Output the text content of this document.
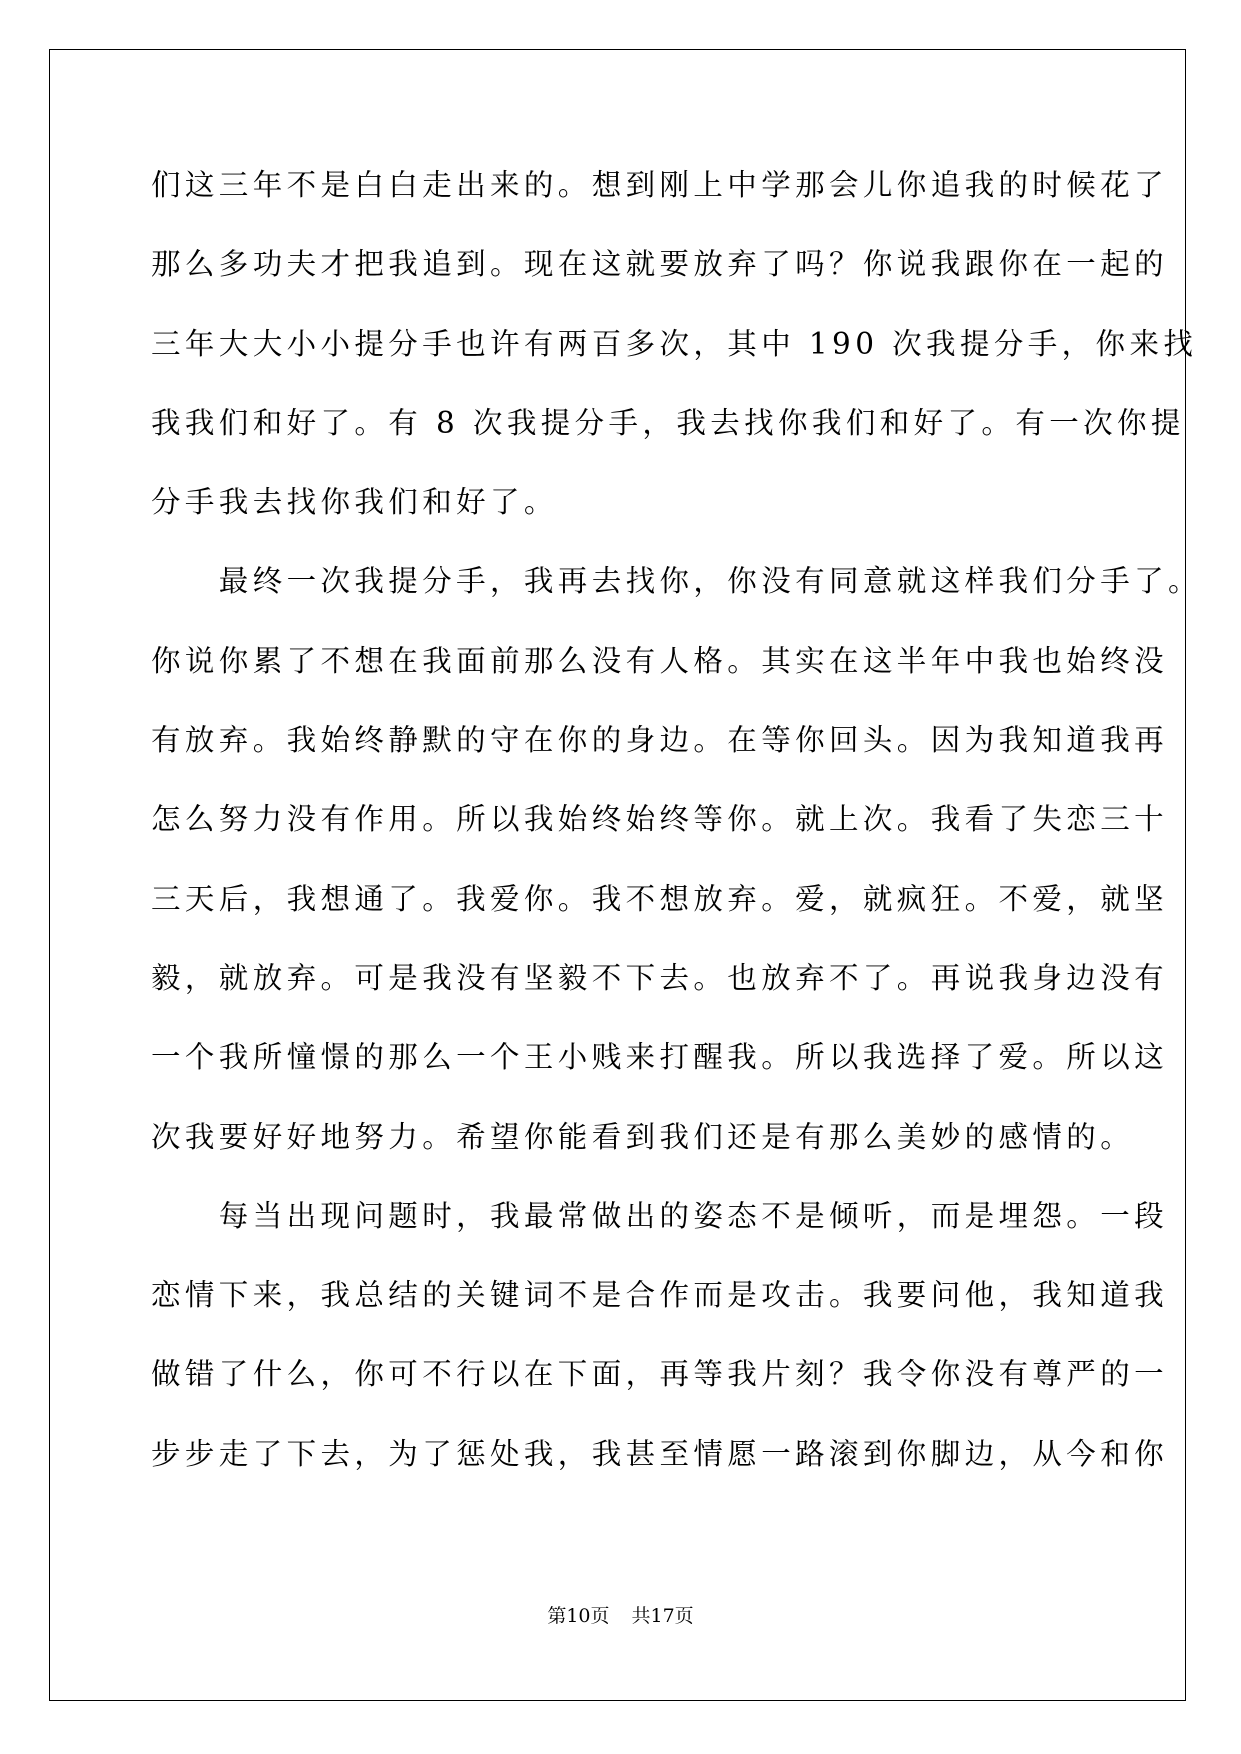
们这三年不是白白走出来的。想到刚上中学那会儿你追我的时候花了
那么多功夫才把我追到。现在这就要放弃了吗？你说我跟你在一起的
三年大大小小提分手也许有两百多次，其中 190 次我提分手，你来找
我我们和好了。有 8 次我提分手，我去找你我们和好了。有一次你提
分手我去找你我们和好了。
　　最终一次我提分手，我再去找你，你没有同意就这样我们分手了。
你说你累了不想在我面前那么没有人格。其实在这半年中我也始终没
有放弃。我始终静默的守在你的身边。在等你回头。因为我知道我再
怎么努力没有作用。所以我始终始终等你。就上次。我看了失恋三十
三天后，我想通了。我爱你。我不想放弃。爱，就疯狂。不爱，就坚
毅，就放弃。可是我没有坚毅不下去。也放弃不了。再说我身边没有
一个我所憧憬的那么一个王小贱来打醒我。所以我选择了爱。所以这
次我要好好地努力。希望你能看到我们还是有那么美妙的感情的。
　　每当出现问题时，我最常做出的姿态不是倾听，而是埋怨。一段
恋情下来，我总结的关键词不是合作而是攻击。我要问他，我知道我
做错了什么，你可不行以在下面，再等我片刻？我令你没有尊严的一
步步走了下去，为了惩处我，我甚至情愿一路滚到你脚边，从今和你
第10页 共17页
